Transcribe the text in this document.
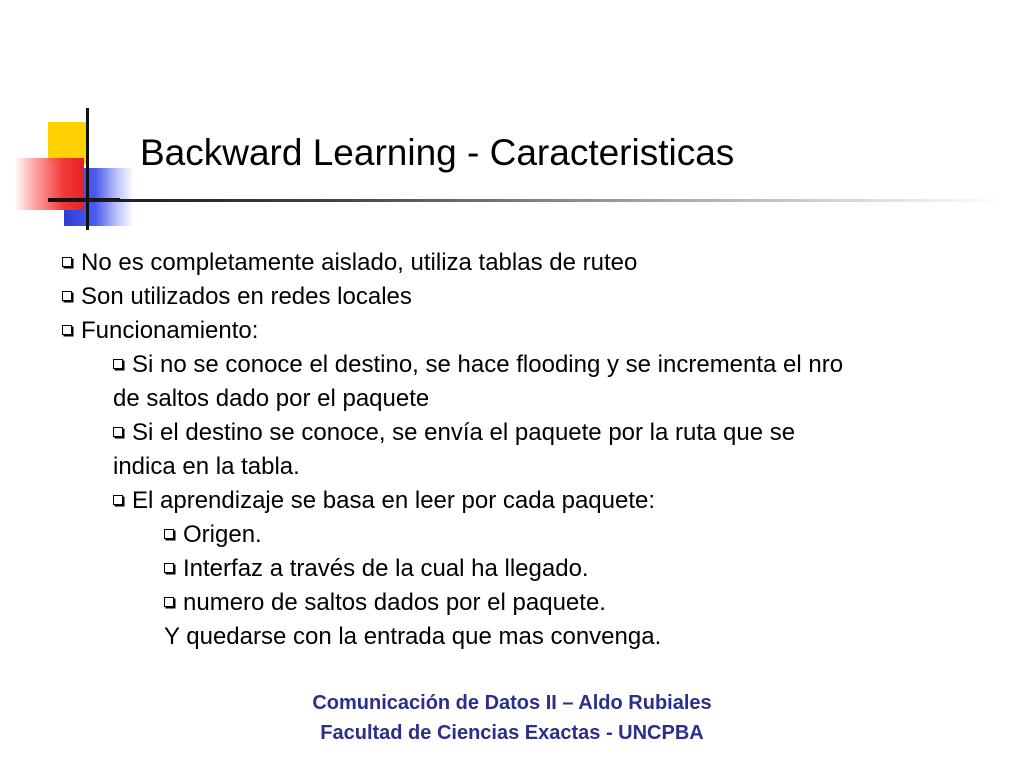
Backward Learning - Caracteristicas
No es completamente aislado, utiliza tablas de ruteo
Son utilizados en redes locales
Funcionamiento:
Si no se conoce el destino, se hace flooding y se incrementa el nro
de saltos dado por el paquete
Si el destino se conoce, se envía el paquete por la ruta que se
indica en la tabla.
El aprendizaje se basa en leer por cada paquete:
Origen.
Interfaz a través de la cual ha llegado.
numero de saltos dados por el paquete.
Y quedarse con la entrada que mas convenga.
Comunicación de Datos II – Aldo Rubiales
Facultad de Ciencias Exactas - UNCPBA
